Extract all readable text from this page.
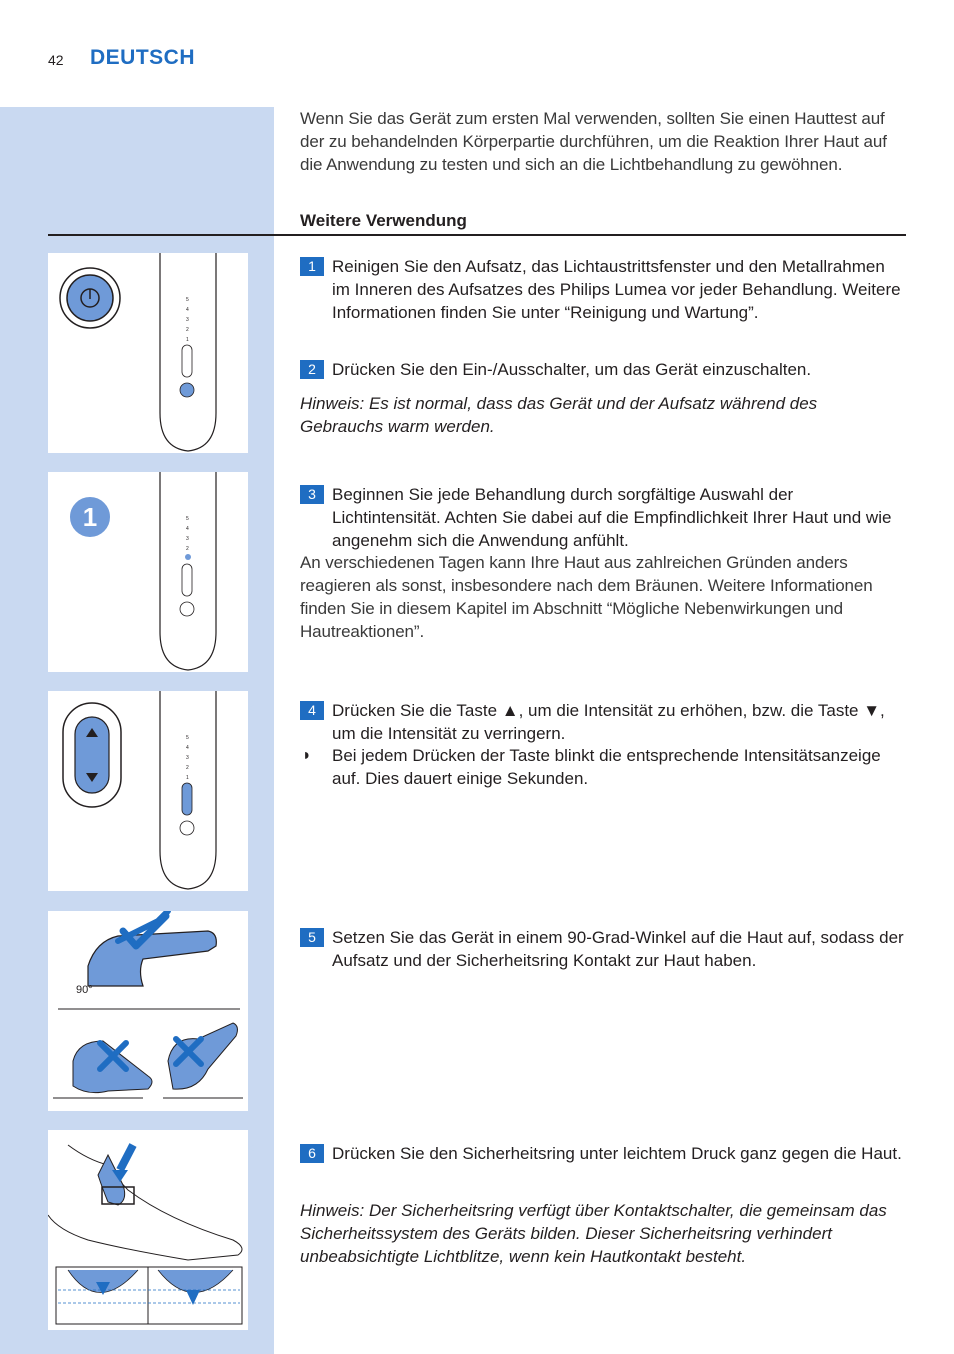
42 DEUTSCH
Wenn Sie das Gerät zum ersten Mal verwenden, sollten Sie einen Hauttest auf der zu behandelnden Körperpartie durchführen, um die Reaktion Ihrer Haut auf die Anwendung zu testen und sich an die Lichtbehandlung zu gewöhnen.
Weitere Verwendung
5
4
3
2
1
1 Reinigen Sie den Aufsatz, das Lichtaustrittsfenster und den Metallrahmen im Inneren des Aufsatzes des Philips Lumea vor jeder Behandlung. Weitere Informationen finden Sie unter “Reinigung und Wartung”.
2 Drücken Sie den Ein-/Ausschalter, um das Gerät einzuschalten.
Hinweis: Es ist normal, dass das Gerät und der Aufsatz während des Gebrauchs warm werden.
1	5
4
3
2
3 Beginnen Sie jede Behandlung durch sorgfältige Auswahl der Lichtintensität. Achten Sie dabei auf die Empfindlichkeit Ihrer Haut und wie angenehm sich die Anwendung anfühlt.
An verschiedenen Tagen kann Ihre Haut aus zahlreichen Gründen anders reagieren als sonst, insbesondere nach dem Bräunen. Weitere Informationen finden Sie in diesem Kapitel im Abschnitt “Mögliche Nebenwirkungen und Hautreaktionen”.
5
4
3
2
1
4 Drücken Sie die Taste ▲, um die Intensität zu erhöhen, bzw. die Taste ▼, um die Intensität zu verringern.
◗ Bei jedem Drücken der Taste blinkt die entsprechende Intensitätsanzeige auf. Dies dauert einige Sekunden.
90°
5 Setzen Sie das Gerät in einem 90-Grad-Winkel auf die Haut auf, sodass der Aufsatz und der Sicherheitsring Kontakt zur Haut haben.
6 Drücken Sie den Sicherheitsring unter leichtem Druck ganz gegen die Haut.
Hinweis: Der Sicherheitsring verfügt über Kontaktschalter, die gemeinsam das Sicherheitssystem des Geräts bilden. Dieser Sicherheitsring verhindert unbeabsichtigte Lichtblitze, wenn kein Hautkontakt besteht.
